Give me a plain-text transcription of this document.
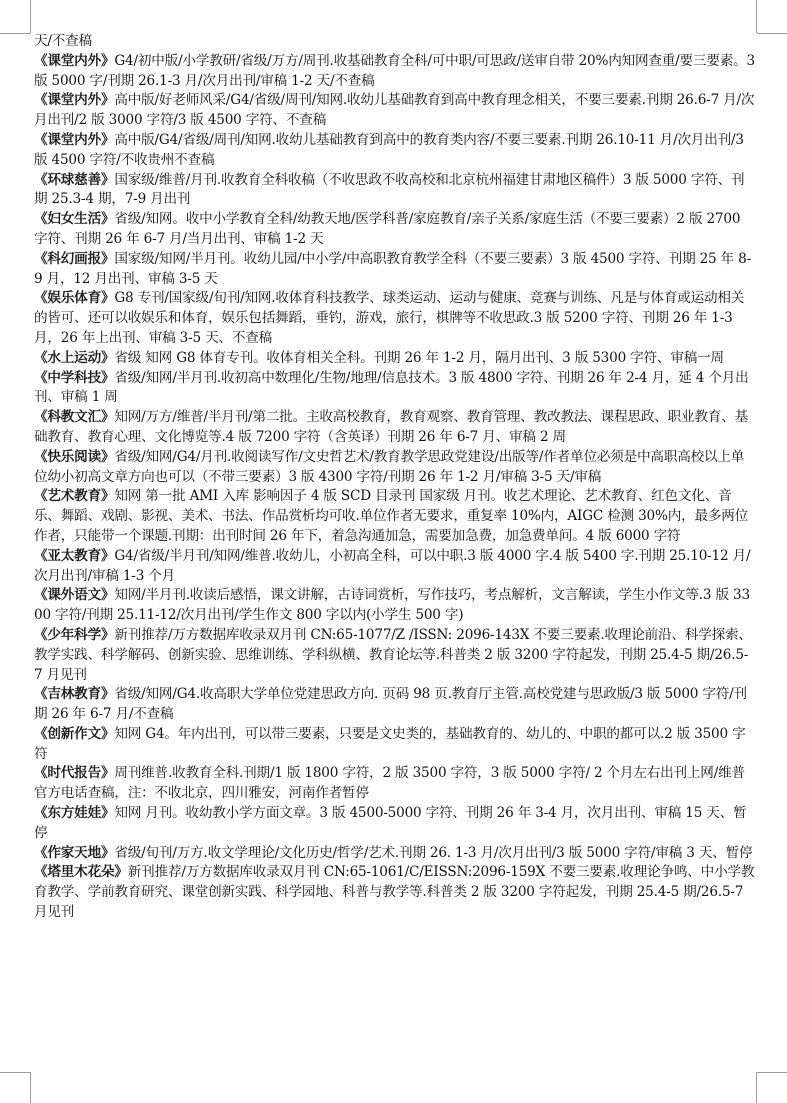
天/不查稿

《课堂内外》G4/初中版/小学教研/省级/万方/周刊.收基础教育全科/可中职/可思政/送审自带 20%内知网查重/要三要素。3 版 5000 字/刊期 26.1-3 月/次月出刊/审稿 1-2 天/不查稿

《课堂内外》高中版/好老师风采/G4/省级/周刊/知网.收幼儿基础教育到高中教育理念相关，不要三要素.刊期 26.6-7 月/次月出刊/2 版 3000 字符/3 版 4500 字符、不查稿

《课堂内外》高中版/G4/省级/周刊/知网.收幼儿基础教育到高中的教育类内容/不要三要素.刊期 26.10-11 月/次月出刊/3 版 4500 字符/不收贵州不查稿

《环球慈善》国家级/维普/月刊.收教育全科收稿（不收思政不收高校和北京杭州福建甘肃地区稿件）3 版 5000 字符、刊期 25.3-4 期，7-9 月出刊

《妇女生活》省级/知网。收中小学教育全科/幼教天地/医学科普/家庭教育/亲子关系/家庭生活（不要三要素）2 版 2700 字符、刊期 26 年 6-7 月/当月出刊、审稿 1-2 天

《科幻画报》国家级/知网/半月刊。收幼儿园/中小学/中高职教育教学全科（不要三要素）3 版 4500 字符、刊期 25 年 8-9 月，12 月出刊、审稿 3-5 天

《娱乐体育》G8 专刊/国家级/旬刊/知网.收体育科技教学、球类运动、运动与健康、竞赛与训练、凡是与体育或运动相关的皆可、还可以收娱乐和体育，娱乐包括舞蹈，垂钓，游戏，旅行，棋牌等不收思政.3 版 5200 字符、刊期 26 年 1-3 月，26 年上出刊、审稿 3-5 天、不查稿

《水上运动》省级 知网 G8 体育专刊。收体育相关全科。刊期 26 年 1-2 月，隔月出刊、3 版 5300 字符、审稿一周

《中学科技》省级/知网/半月刊.收初高中数理化/生物/地理/信息技术。3 版 4800 字符、刊期 26 年 2-4 月，延 4 个月出刊、审稿 1 周

《科教文汇》知网/万方/维普/半月刊/第二批。主收高校教育，教育观察、教育管理、教改教法、课程思政、职业教育、基础教育、教育心理、文化博览等.4 版 7200 字符（含英译）刊期 26 年 6-7 月、审稿 2 周

《快乐阅读》省级/知网/G4/月刊.收阅读写作/文史哲艺术/教育教学思政党建设/出版等/作者单位必须是中高职高校以上单位幼小初高文章方向也可以（不带三要素）3 版 4300 字符/刊期 26 年 1-2 月/审稿 3-5 天/审稿

《艺术教育》知网 第一批 AMI 入库 影响因子 4 版 SCD 目录刊 国家级 月刊。收艺术理论、艺术教育、红色文化、音乐、舞蹈、戏剧、影视、美术、书法、作品赏析均可收.单位作者无要求，重复率 10%内，AIGC 检测 30%内，最多两位作者，只能带一个课题.刊期：出刊时间 26 年下，着急沟通加急，需要加急费，加急费单问。4 版 6000 字符

《亚太教育》G4/省级/半月刊/知网/维普.收幼儿，小初高全科，可以中职.3 版 4000 字.4 版 5400 字.刊期 25.10-12 月/次月出刊/审稿 1-3 个月

《课外语文》知网/半月刊.收读后感悟，课文讲解，古诗词赏析，写作技巧，考点解析，文言解读，学生小作文等.3 版 3300 字符/刊期 25.11-12/次月出刊/学生作文 800 字以内(小学生 500 字)

《少年科学》新刊推荐/万方数据库收录双月刊 CN:65-1077/Z /ISSN: 2096-143X 不要三要素.收理论前沿、科学探索、教学实践、科学解码、创新实验、思维训练、学科纵横、教育论坛等.科普类 2 版 3200 字符起发，刊期 25.4-5 期/26.5-7 月见刊

《吉林教育》省级/知网/G4.收高职大学单位党建思政方向. 页码 98 页.教育厅主管.高校党建与思政版/3 版 5000 字符/刊期 26 年 6-7 月/不查稿

《创新作文》知网 G4。年内出刊，可以带三要素，只要是文史类的，基础教育的、幼儿的、中职的都可以.2 版 3500 字符

《时代报告》周刊维普.收教育全科.刊期/1 版 1800 字符，2 版 3500 字符，3 版 5000 字符/ 2 个月左右出刊上网/维普官方电话查稿，注：不收北京，四川雅安，河南作者暂停

《东方娃娃》知网 月刊。收幼教小学方面文章。3 版 4500-5000 字符、刊期 26 年 3-4 月，次月出刊、审稿 15 天、暂停

《作家天地》省级/旬刊/万方.收文学理论/文化历史/哲学/艺术.刊期 26. 1-3 月/次月出刊/3 版 5000 字符/审稿 3 天、暂停

《塔里木花朵》新刊推荐/万方数据库收录双月刊 CN:65-1061/C/EISSN:2096-159X 不要三要素.收理论争鸣、中小学教育教学、学前教育研究、课堂创新实践、科学园地、科普与教学等.科普类 2 版 3200 字符起发，刊期 25.4-5 期/26.5-7 月见刊
